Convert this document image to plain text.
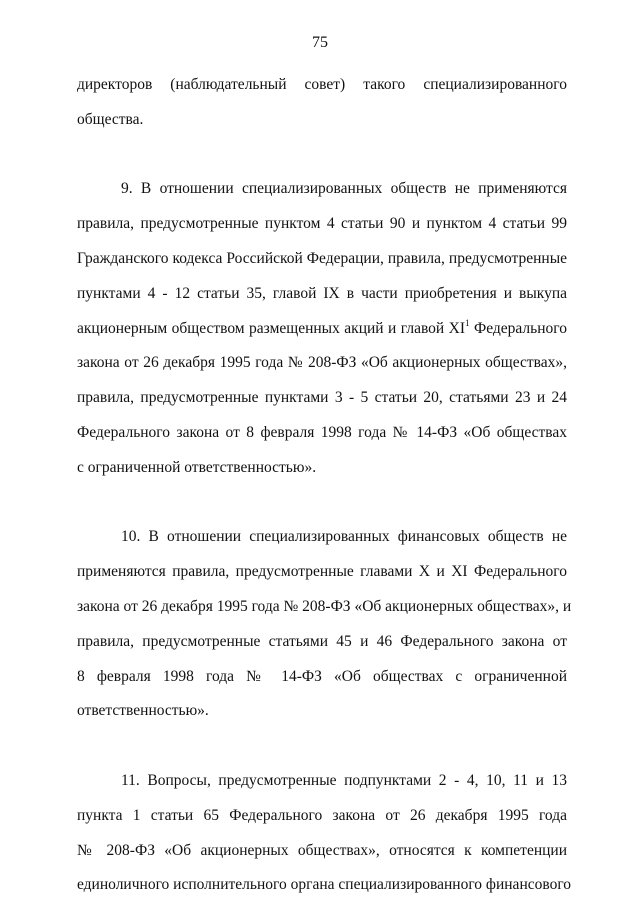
75
директоров (наблюдательный совет) такого специализированного
общества.
9. В отношении специализированных обществ не применяются
правила, предусмотренные пунктом 4 статьи 90 и пунктом 4 статьи 99
Гражданского кодекса Российской Федерации, правила, предусмотренные
пунктами 4 - 12 статьи 35, главой IX в части приобретения и выкупа
акционерным обществом размещенных акций и главой $XI^1$ Федерального
закона от 26 декабря 1995 года № 208-ФЗ «Об акционерных обществах»,
правила, предусмотренные пунктами 3 - 5 статьи 20, статьями 23 и 24
Федерального закона от 8 февраля 1998 года № 14-ФЗ «Об обществах
с ограниченной ответственностью».
10. В отношении специализированных финансовых обществ не
применяются правила, предусмотренные главами X и XI Федерального
закона от 26 декабря 1995 года № 208-ФЗ «Об акционерных обществах», и
правила, предусмотренные статьями 45 и 46 Федерального закона от
8 февраля 1998 года № 14-ФЗ «Об обществах с ограниченной
ответственностью».
11. Вопросы, предусмотренные подпунктами 2 - 4, 10, 11 и 13
пункта 1 статьи 65 Федерального закона от 26 декабря 1995 года
№ 208-ФЗ «Об акционерных обществах», относятся к компетенции
единоличного исполнительного органа специализированного финансового
